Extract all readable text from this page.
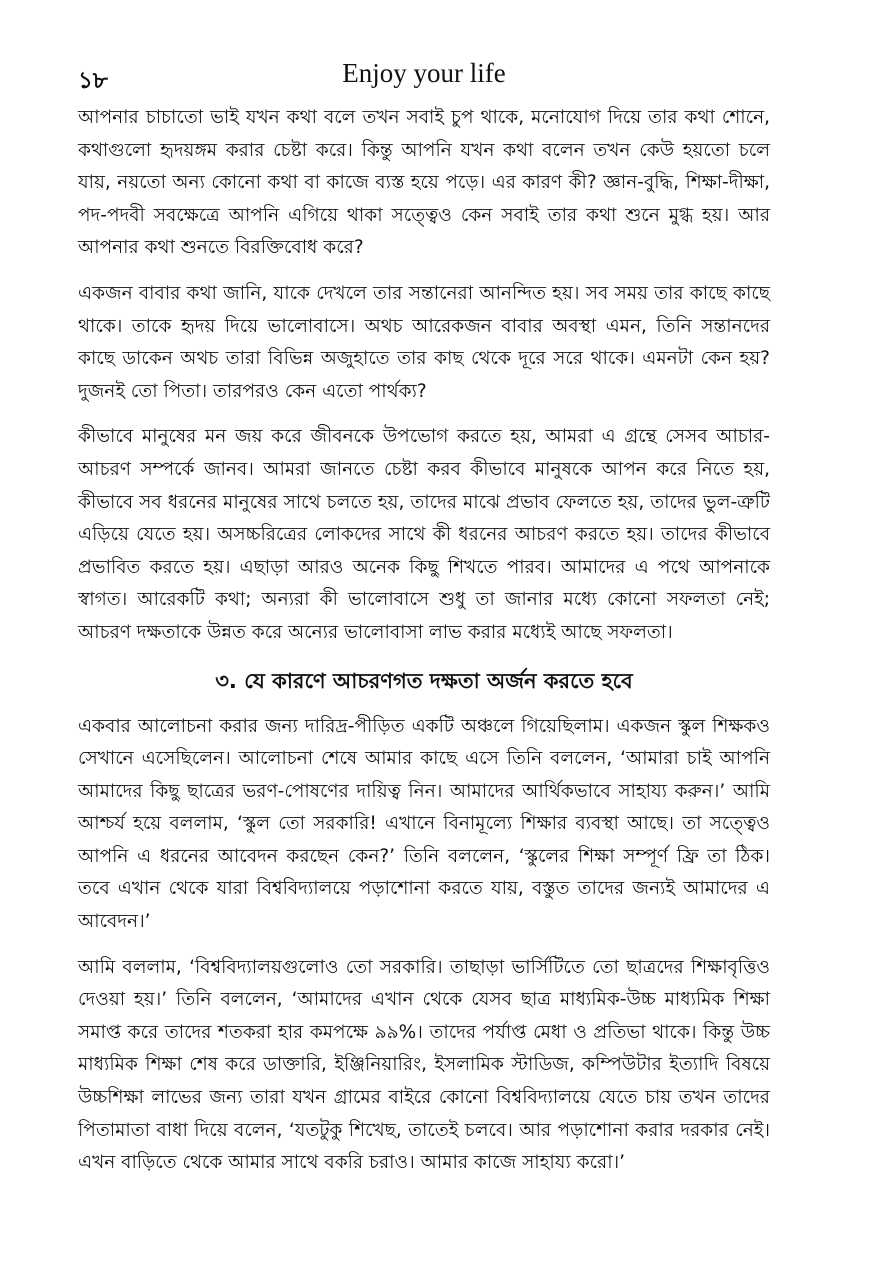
১৮	Enjoy your life

আপনার চাচাতো ভাই যখন কথা বলে তখন সবাই চুপ থাকে, মনোযোগ দিয়ে তার কথা শোনে, কথাগুলো হৃদয়ঙ্গম করার চেষ্টা করে। কিন্তু আপনি যখন কথা বলেন তখন কেউ হয়তো চলে যায়, নয়তো অন্য কোনো কথা বা কাজে ব্যস্ত হয়ে পড়ে। এর কারণ কী? জ্ঞান-বুদ্ধি, শিক্ষা-দীক্ষা, পদ-পদবী সবক্ষেত্রে আপনি এগিয়ে থাকা সত্ত্বেও কেন সবাই তার কথা শুনে মুগ্ধ হয়। আর আপনার কথা শুনতে বিরক্তিবোধ করে?

একজন বাবার কথা জানি, যাকে দেখলে তার সন্তানেরা আনন্দিত হয়। সব সময় তার কাছে কাছে থাকে। তাকে হৃদয় দিয়ে ভালোবাসে। অথচ আরেকজন বাবার অবস্থা এমন, তিনি সন্তানদের কাছে ডাকেন অথচ তারা বিভিন্ন অজুহাতে তার কাছ থেকে দূরে সরে থাকে। এমনটা কেন হয়? দুজনই তো পিতা। তারপরও কেন এতো পার্থক্য?

কীভাবে মানুষের মন জয় করে জীবনকে উপভোগ করতে হয়, আমরা এ গ্রন্থে সেসব আচার-আচরণ সম্পর্কে জানব। আমরা জানতে চেষ্টা করব কীভাবে মানুষকে আপন করে নিতে হয়, কীভাবে সব ধরনের মানুষের সাথে চলতে হয়, তাদের মাঝে প্রভাব ফেলতে হয়, তাদের ভুল-ত্রুটি এড়িয়ে যেতে হয়। অসচ্চরিত্রের লোকদের সাথে কী ধরনের আচরণ করতে হয়। তাদের কীভাবে প্রভাবিত করতে হয়। এছাড়া আরও অনেক কিছু শিখতে পারব। আমাদের এ পথে আপনাকে স্বাগত। আরেকটি কথা; অন্যরা কী ভালোবাসে শুধু তা জানার মধ্যে কোনো সফলতা নেই; আচরণ দক্ষতাকে উন্নত করে অন্যের ভালোবাসা লাভ করার মধ্যেই আছে সফলতা।

৩. যে কারণে আচরণগত দক্ষতা অর্জন করতে হবে

একবার আলোচনা করার জন্য দারিদ্র-পীড়িত একটি অঞ্চলে গিয়েছিলাম। একজন স্কুল শিক্ষকও সেখানে এসেছিলেন। আলোচনা শেষে আমার কাছে এসে তিনি বললেন, ‘আমারা চাই আপনি আমাদের কিছু ছাত্রের ভরণ-পোষণের দায়িত্ব নিন। আমাদের আর্থিকভাবে সাহায্য করুন।’ আমি আশ্চর্য হয়ে বললাম, ‘স্কুল তো সরকারি! এখানে বিনামূল্যে শিক্ষার ব্যবস্থা আছে। তা সত্ত্বেও আপনি এ ধরনের আবেদন করছেন কেন?’ তিনি বললেন, ‘স্কুলের শিক্ষা সম্পূর্ণ ফ্রি তা ঠিক। তবে এখান থেকে যারা বিশ্ববিদ্যালয়ে পড়াশোনা করতে যায়, বস্তুত তাদের জন্যই আমাদের এ আবেদন।’

আমি বললাম, ‘বিশ্ববিদ্যালয়গুলোও তো সরকারি। তাছাড়া ভার্সিটিতে তো ছাত্রদের শিক্ষাবৃত্তিও দেওয়া হয়।’ তিনি বললেন, ‘আমাদের এখান থেকে যেসব ছাত্র মাধ্যমিক-উচ্চ মাধ্যমিক শিক্ষা সমাপ্ত করে তাদের শতকরা হার কমপক্ষে ৯৯%। তাদের পর্যাপ্ত মেধা ও প্রতিভা থাকে। কিন্তু উচ্চ মাধ্যমিক শিক্ষা শেষ করে ডাক্তারি, ইঞ্জিনিয়ারিং, ইসলামিক স্টাডিজ, কম্পিউটার ইত্যাদি বিষয়ে উচ্চশিক্ষা লাভের জন্য তারা যখন গ্রামের বাইরে কোনো বিশ্ববিদ্যালয়ে যেতে চায় তখন তাদের পিতামাতা বাধা দিয়ে বলেন, ‘যতটুকু শিখেছ, তাতেই চলবে। আর পড়াশোনা করার দরকার নেই। এখন বাড়িতে থেকে আমার সাথে বকরি চরাও। আমার কাজে সাহায্য করো।’
